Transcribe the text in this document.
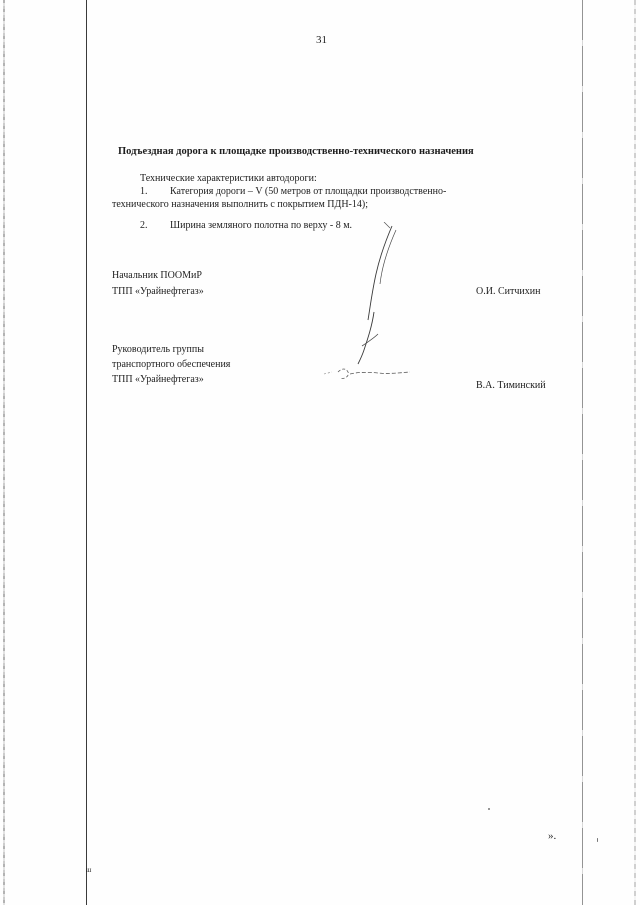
31
Подъездная дорога к площадке производственно-технического назначения
Технические характеристики автодороги:
1. Категория дороги – V (50 метров от площадки производственно-
технического назначения выполнить с покрытием ПДН-14);
2. Ширина земляного полотна по верху - 8 м.
Начальник ПООМиР
ТПП «Урайнефтегаз»	О.И. Ситчихин
Руководитель группы
транспортного обеспечения
ТПП «Урайнефтегаз»
В.А. Тиминский
».
ш
